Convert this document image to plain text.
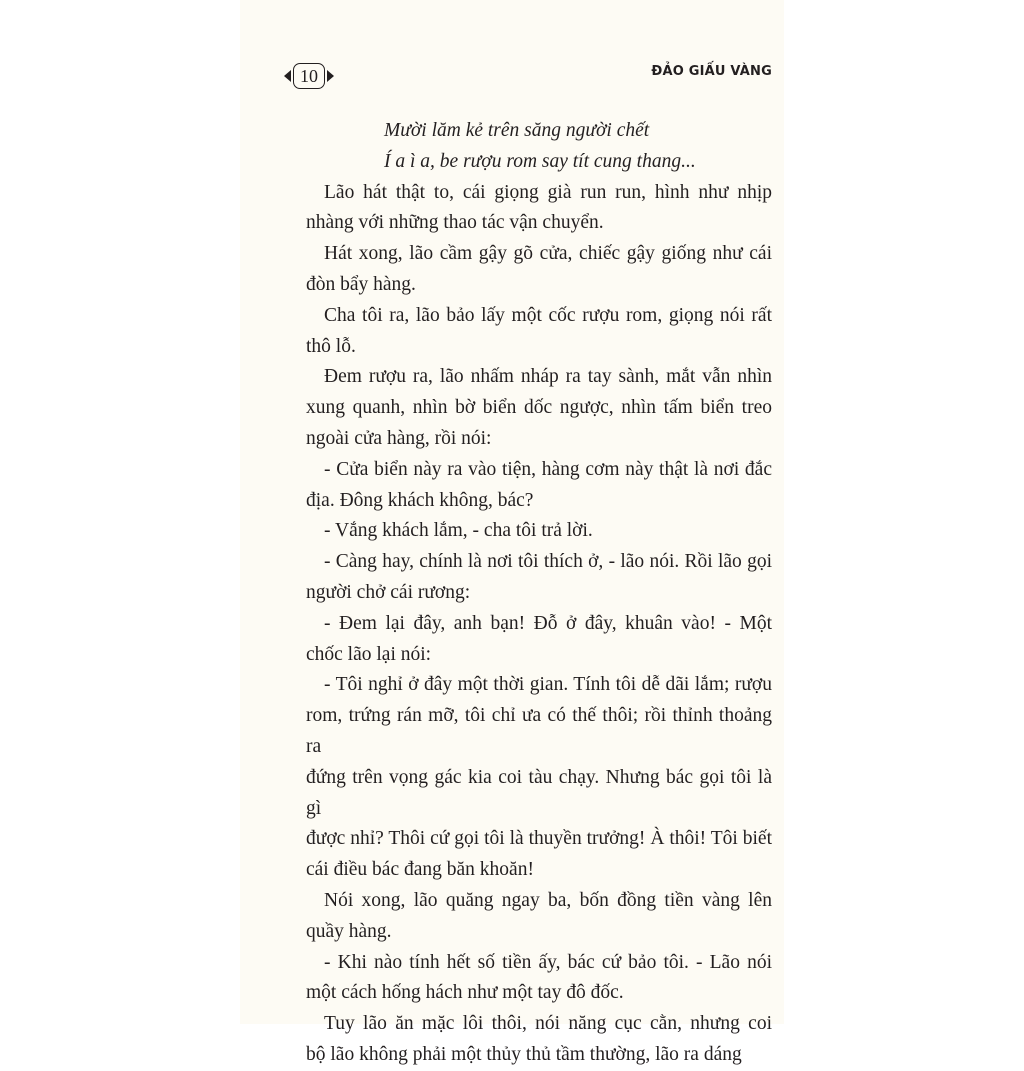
10	ĐẢO GIẤU VÀNG

Mười lăm kẻ trên săng người chết

Í a ì a, be rượu rom say tít cung thang...

Lão hát thật to, cái giọng già run run, hình như nhịp
nhàng với những thao tác vận chuyển.
Hát xong, lão cầm gậy gõ cửa, chiếc gậy giống như cái
đòn bẩy hàng.
Cha tôi ra, lão bảo lấy một cốc rượu rom, giọng nói rất
thô lỗ.
Đem rượu ra, lão nhấm nháp ra tay sành, mắt vẫn nhìn
xung quanh, nhìn bờ biển dốc ngược, nhìn tấm biển treo
ngoài cửa hàng, rồi nói:
- Cửa biển này ra vào tiện, hàng cơm này thật là nơi đắc
địa. Đông khách không, bác?
- Vắng khách lắm, - cha tôi trả lời.
- Càng hay, chính là nơi tôi thích ở, - lão nói. Rồi lão gọi
người chở cái rương:
- Đem lại đây, anh bạn! Đỗ ở đây, khuân vào! - Một
chốc lão lại nói:
- Tôi nghỉ ở đây một thời gian. Tính tôi dễ dãi lắm; rượu
rom, trứng rán mỡ, tôi chỉ ưa có thế thôi; rồi thỉnh thoảng ra
đứng trên vọng gác kia coi tàu chạy. Nhưng bác gọi tôi là gì
được nhỉ? Thôi cứ gọi tôi là thuyền trưởng! À thôi! Tôi biết
cái điều bác đang băn khoăn!
Nói xong, lão quăng ngay ba, bốn đồng tiền vàng lên
quầy hàng.
- Khi nào tính hết số tiền ấy, bác cứ bảo tôi. - Lão nói
một cách hống hách như một tay đô đốc.
Tuy lão ăn mặc lôi thôi, nói năng cục cằn, nhưng coi
bộ lão không phải một thủy thủ tầm thường, lão ra dáng
